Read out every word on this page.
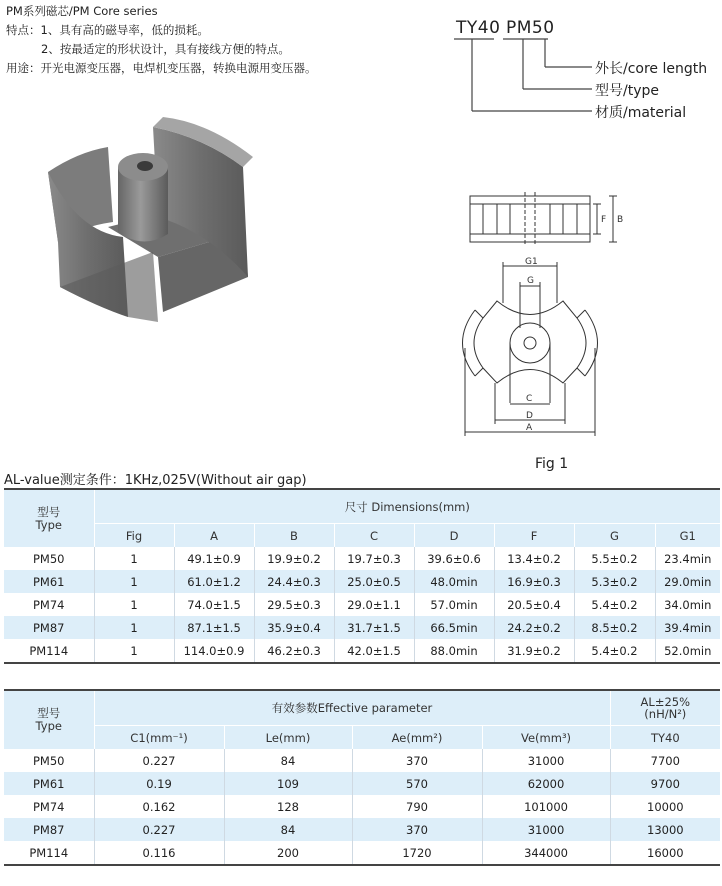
PM系列磁芯/PM Core series
特点：1、具有高的磁导率，低的损耗。
2、按最适定的形状设计，具有接线方便的特点。
用途：开光电源变压器，电焊机变压器，转换电源用变压器。
TY40 PM50
外长/core length
型号/type
材质/material
F B
G1
G
C
D
A
Fig 1
AL-value测定条件：1KHz,025V(Without air gap)
型号
Type	尺寸 Dimensions(mm)							
	Fig	A	B	C	D	F	G	G1
PM50	1	49.1±0.9	19.9±0.2	19.7±0.3	39.6±0.6	13.4±0.2	5.5±0.2	23.4min
PM61	1	61.0±1.2	24.4±0.3	25.0±0.5	48.0min	16.9±0.3	5.3±0.2	29.0min
PM74	1	74.0±1.5	29.5±0.3	29.0±1.1	57.0min	20.5±0.4	5.4±0.2	34.0min
PM87	1	87.1±1.5	35.9±0.4	31.7±1.5	66.5min	24.2±0.2	8.5±0.2	39.4min
PM114	1	114.0±0.9	46.2±0.3	42.0±1.5	88.0min	31.9±0.2	5.4±0.2	52.0min
型号
Type	有效参数Effective parameter				AL±25%
(nH/N²)
	C1(mm⁻¹)	Le(mm)	Ae(mm²)	Ve(mm³)	TY40
PM50	0.227	84	370	31000	7700
PM61	0.19	109	570	62000	9700
PM74	0.162	128	790	101000	10000
PM87	0.227	84	370	31000	13000
PM114	0.116	200	1720	344000	16000
